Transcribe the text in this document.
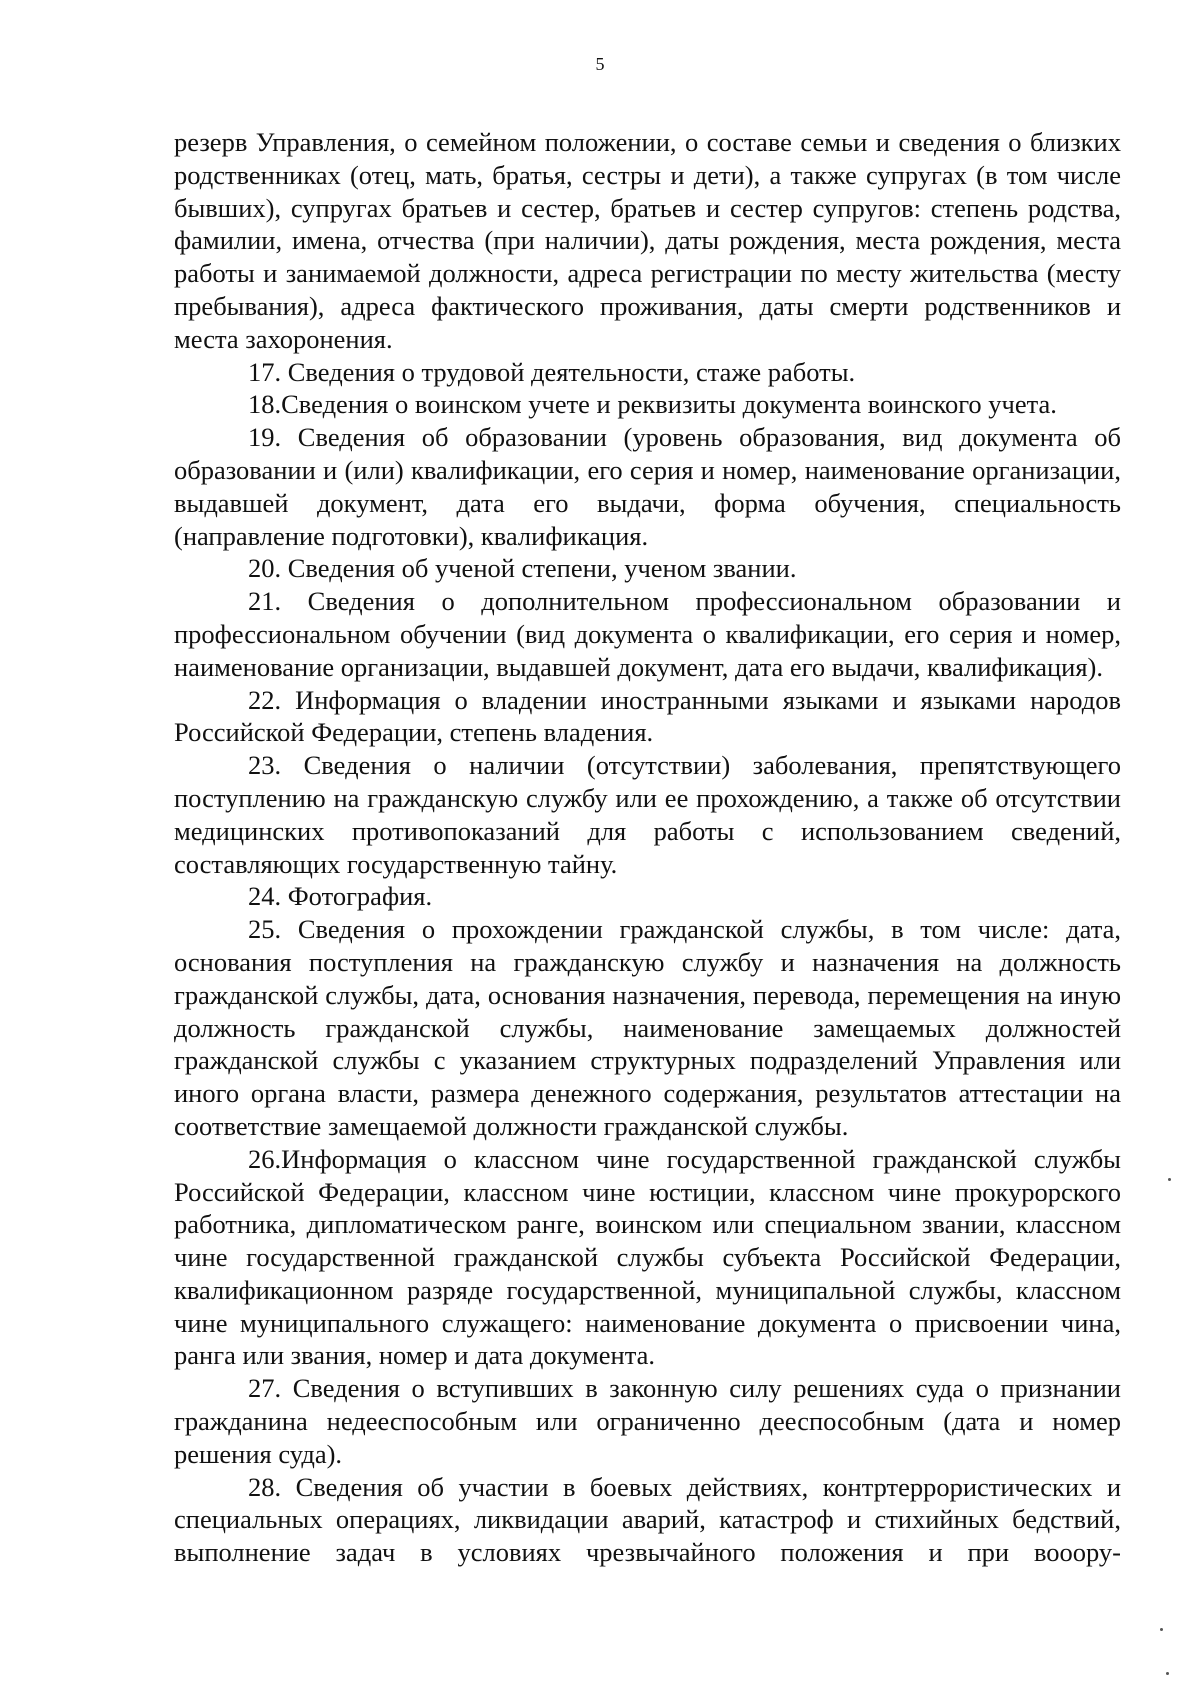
5

резерв Управления, о семейном положении, о составе семьи и сведения о близких родственниках (отец, мать, братья, сестры и дети), а также супругах (в том числе бывших), супругах братьев и сестер, братьев и сестер супругов: степень родства, фамилии, имена, отчества (при наличии), даты рождения, места рождения, места работы и занимаемой должности, адреса регистрации по месту жительства (месту пребывания), адреса фактического проживания, даты смерти родственников и места захоронения.

17. Сведения о трудовой деятельности, стаже работы.

18.Сведения о воинском учете и реквизиты документа воинского учета.

19. Сведения об образовании (уровень образования, вид документа об образовании и (или) квалификации, его серия и номер, наименование организации, выдавшей документ, дата его выдачи, форма обучения, специальность (направление подготовки), квалификация.

20. Сведения об ученой степени, ученом звании.

21. Сведения о дополнительном профессиональном образовании и профессиональном обучении (вид документа о квалификации, его серия и номер, наименование организации, выдавшей документ, дата его выдачи, квалификация).

22. Информация о владении иностранными языками и языками народов Российской Федерации, степень владения.

23. Сведения о наличии (отсутствии) заболевания, препятствующего поступлению на гражданскую службу или ее прохождению, а также об отсутствии медицинских противопоказаний для работы с использованием сведений, составляющих государственную тайну.

24. Фотография.

25. Сведения о прохождении гражданской службы, в том числе: дата, основания поступления на гражданскую службу и назначения на должность гражданской службы, дата, основания назначения, перевода, перемещения на иную должность гражданской службы, наименование замещаемых должностей гражданской службы с указанием структурных подразделений Управления или иного органа власти, размера денежного содержания, результатов аттестации на соответствие замещаемой должности гражданской службы.

26.Информация о классном чине государственной гражданской службы Российской Федерации, классном чине юстиции, классном чине прокурорского работника, дипломатическом ранге, воинском или специальном звании, классном чине государственной гражданской службы субъекта Российской Федерации, квалификационном разряде государственной, муниципальной службы, классном чине муниципального служащего: наименование документа о присвоении чина, ранга или звания, номер и дата документа.

27. Сведения о вступивших в законную силу решениях суда о признании гражданина недееспособным или ограниченно дееспособным (дата и номер решения суда).

28. Сведения об участии в боевых действиях, контртеррористических и специальных операциях, ликвидации аварий, катастроф и стихийных бедствий, выполнение задач в условиях чрезвычайного положения и при вооору-
